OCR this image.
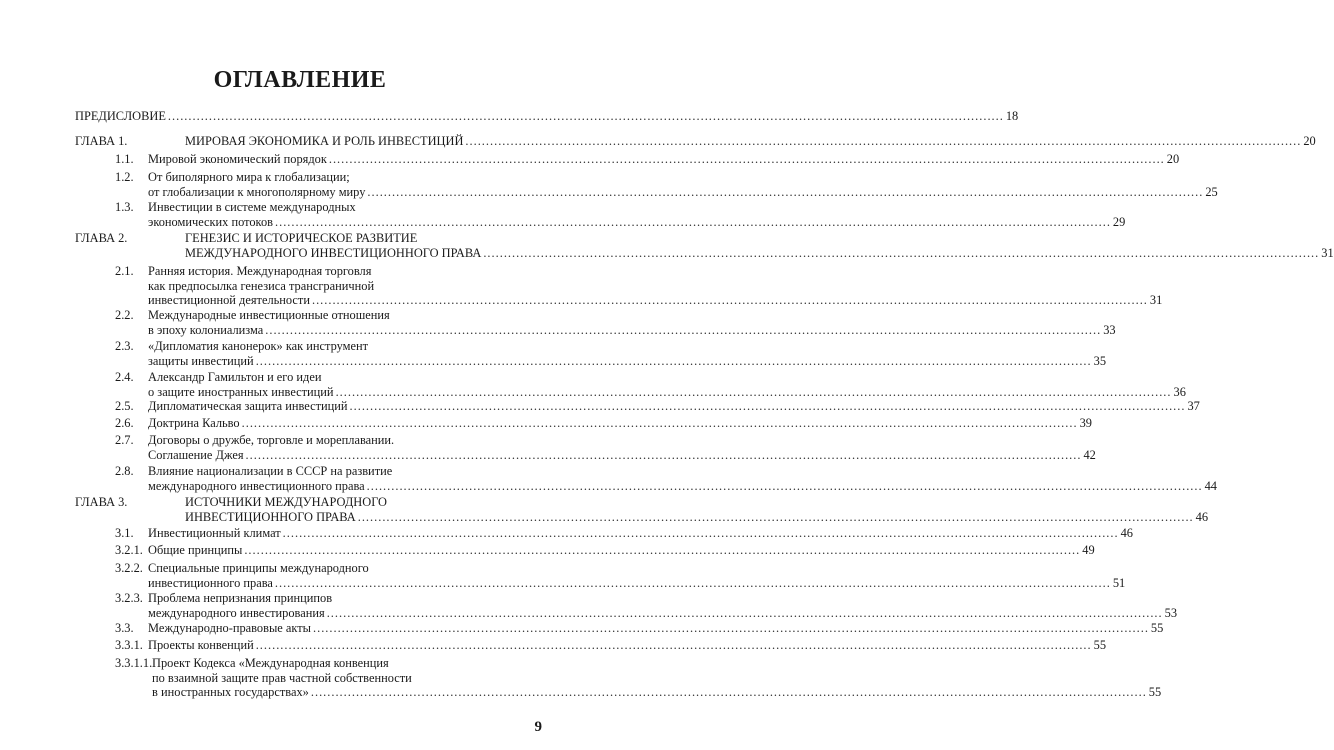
ОГЛАВЛЕНИЕ
ПРЕДИСЛОВИЕ .....	18
ГЛАВА 1.	МИРОВАЯ ЭКОНОМИКА И РОЛЬ ИНВЕСТИЦИЙ .....	20
1.1. Мировой экономический порядок .....	20
1.2. От биполярного мира к глобализации;
от глобализации к многополярному миру .....	25
1.3. Инвестиции в системе международных
экономических потоков .....	29
ГЛАВА 2.	ГЕНЕЗИС И ИСТОРИЧЕСКОЕ РАЗВИТИЕ
МЕЖДУНАРОДНОГО ИНВЕСТИЦИОННОГО ПРАВА .....	31
2.1. Ранняя история. Международная торговля
как предпосылка генезиса трансграничной
инвестиционной деятельности .....	31
2.2. Международные инвестиционные отношения
в эпоху колониализма .....	33
2.3. «Дипломатия канонерок» как инструмент
защиты инвестиций .....	35
2.4. Александр Гамильтон и его идеи
о защите иностранных инвестиций .....	36
2.5. Дипломатическая защита инвестиций .....	37
2.6. Доктрина Кальво .....	39
2.7. Договоры о дружбе, торговле и мореплавании.
Соглашение Джея .....	42
2.8. Влияние национализации в СССР на развитие
международного инвестиционного права .....	44
ГЛАВА 3.	ИСТОЧНИКИ МЕЖДУНАРОДНОГО
ИНВЕСТИЦИОННОГО ПРАВА .....	46
3.1. Инвестиционный климат .....	46
3.2.1. Общие принципы .....	49
3.2.2. Специальные принципы международного
инвестиционного права .....	51
3.2.3. Проблема непризнания принципов
международного инвестирования .....	53
3.3. Международно-правовые акты .....	55
3.3.1. Проекты конвенций .....	55
3.3.1.1. Проект Кодекса «Международная конвенция
по взаимной защите прав частной собственности
в иностранных государствах» .....	55
9
